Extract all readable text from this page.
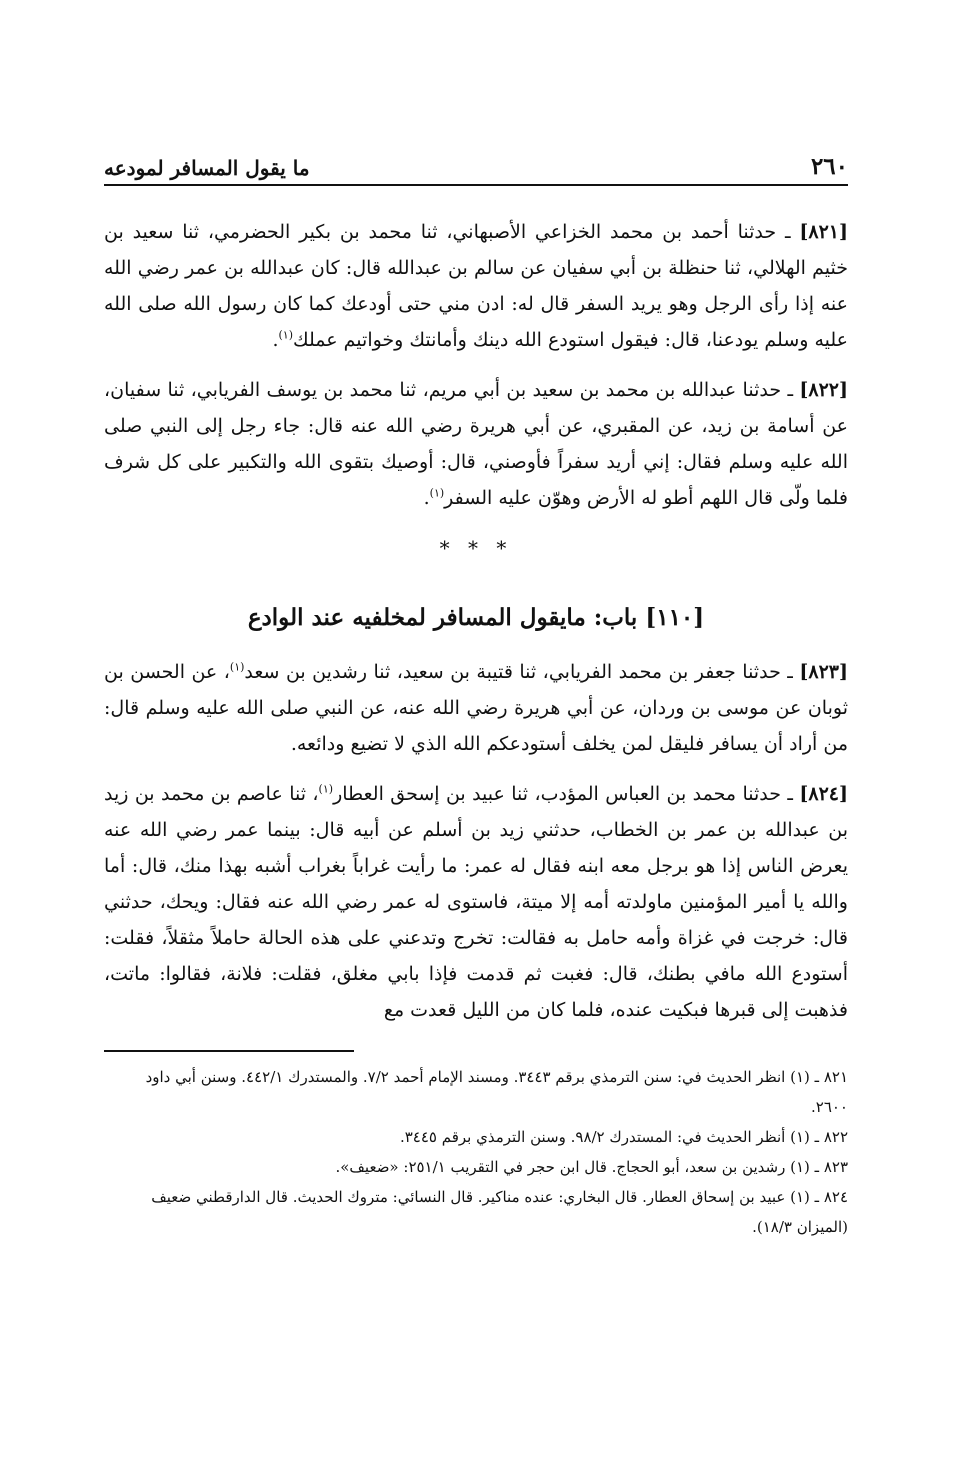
٢٦٠
ما يقول المسافر لمودعه

[٨٢١] ـ حدثنا أحمد بن محمد الخزاعي الأصبهاني، ثنا محمد بن بكير الحضرمي، ثنا سعيد بن خثيم الهلالي، ثنا حنظلة بن أبي سفيان عن سالم بن عبدالله قال: كان عبدالله بن عمر رضي الله عنه إذا رأى الرجل وهو يريد السفر قال له: ادن مني حتى أودعك كما كان رسول الله صلى الله عليه وسلم يودعنا، قال: فيقول استودع الله دينك وأمانتك وخواتيم عملك$^{(١)}$.

[٨٢٢] ـ حدثنا عبدالله بن محمد بن سعيد بن أبي مريم، ثنا محمد بن يوسف الفريابي، ثنا سفيان، عن أسامة بن زيد، عن المقبري، عن أبي هريرة رضي الله عنه قال: جاء رجل إلى النبي صلى الله عليه وسلم فقال: إني أريد سفراً فأوصني، قال: أوصيك بتقوى الله والتكبير على كل شرف فلما ولّى قال اللهم أطو له الأرض وهوّن عليه السفر$^{(١)}$.

* * *
[١١٠] باب: مايقول المسافر لمخلفيه عند الوادع

[٨٢٣] ـ حدثنا جعفر بن محمد الفريابي، ثنا قتيبة بن سعيد، ثنا رشدين بن سعد$^{(١)}$، عن الحسن بن ثوبان عن موسى بن وردان، عن أبي هريرة رضي الله عنه، عن النبي صلى الله عليه وسلم قال: من أراد أن يسافر فليقل لمن يخلف أستودعكم الله الذي لا تضيع ودائعه.

[٨٢٤] ـ حدثنا محمد بن العباس المؤدب، ثنا عبيد بن إسحق العطار$^{(١)}$، ثنا عاصم بن محمد بن زيد بن عبدالله بن عمر بن الخطاب، حدثني زيد بن أسلم عن أبيه قال: بينما عمر رضي الله عنه يعرض الناس إذا هو برجل معه ابنه فقال له عمر: ما رأيت غراباً بغراب أشبه بهذا منك، قال: أما والله يا أمير المؤمنين ماولدته أمه إلا ميتة، فاستوى له عمر رضي الله عنه فقال: ويحك، حدثني قال: خرجت في غزاة وأمه حامل به فقالت: تخرج وتدعني على هذه الحالة حاملاً مثقلاً، فقلت: أستودع الله مافي بطنك، قال: فغبت ثم قدمت فإذا بابي مغلق، فقلت: فلانة، فقالوا: ماتت، فذهبت إلى قبرها فبكيت عنده، فلما كان من الليل قعدت مع

٨٢١ ـ (١) انظر الحديث في: سنن الترمذي برقم ٣٤٤٣. ومسند الإمام أحمد ٧/٢. والمستدرك ٤٤٢/١. وسنن أبي داود ٢٦٠٠.

٨٢٢ ـ (١) أنظر الحديث في: المستدرك ٩٨/٢. وسنن الترمذي برقم ٣٤٤٥.

٨٢٣ ـ (١) رشدين بن سعد، أبو الحجاج. قال ابن حجر في التقريب ٢٥١/١: «ضعيف».

٨٢٤ ـ (١) عبيد بن إسحاق العطار. قال البخاري: عنده مناكير. قال النسائي: متروك الحديث. قال الدارقطني ضعيف (الميزان ١٨/٣).
